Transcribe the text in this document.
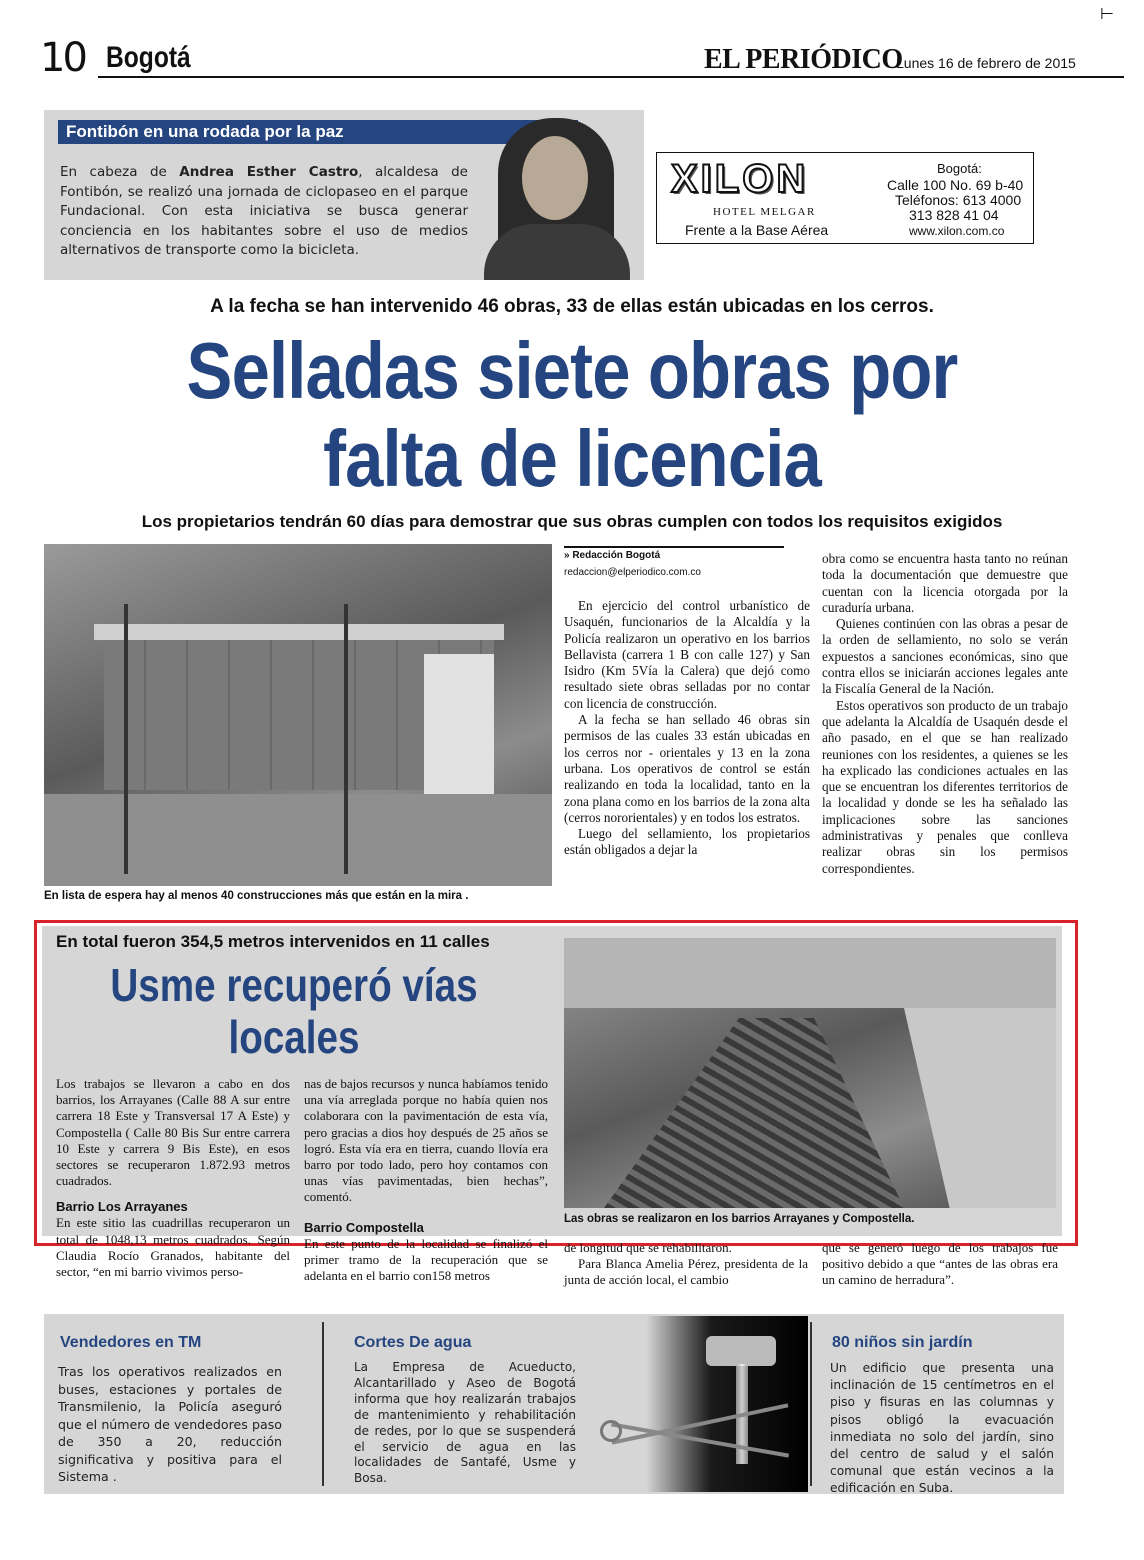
10 Bogotá	EL PERIÓDICO
Lunes 16 de febrero de 2015
⊢
Fontibón en una rodada por la paz
En cabeza de Andrea Esther Castro, alcaldesa de Fontibón, se realizó una jornada de ciclopaseo en el parque Fundacional. Con esta iniciativa se busca generar conciencia en los habitantes sobre el uso de medios alternativos de transporte como la bicicleta.
XILON
HOTEL MELGAR
Frente a la Base Aérea
Bogotá:
Calle 100 No. 69 b-40
Teléfonos: 613 4000
313 828 41 04
www.xilon.com.co
A la fecha se han intervenido 46 obras, 33 de ellas están ubicadas en los cerros.
Selladas siete obras por
falta de licencia
Los propietarios tendrán 60 días para demostrar que sus obras cumplen con todos los requisitos exigidos
En lista de espera hay al menos 40 construcciones más que están en la mira .
» Redacción Bogotá
redaccion@elperiodico.com.co

En ejercicio del control urbanístico de Usaquén, funcionarios de la Alcaldía y la Policía realizaron un operativo en los barrios Bellavista (carrera 1 B con calle 127) y San Isidro (Km 5Vía la Calera) que dejó como resultado siete obras selladas por no contar con licencia de construcción.

A la fecha se han sellado 46 obras sin permisos de las cuales 33 están ubicadas en los cerros nor - orientales y 13 en la zona urbana. Los operativos de control se están realizando en toda la localidad, tanto en la zona plana como en los barrios de la zona alta (cerros nororientales) y en todos los estratos.

Luego del sellamiento, los propietarios están obligados a dejar la

obra como se encuentra hasta tanto no reúnan toda la documentación que demuestre que cuentan con la licencia otorgada por la curaduría urbana.

Quienes continúen con las obras a pesar de la orden de sellamiento, no solo se verán expuestos a sanciones económicas, sino que contra ellos se iniciarán acciones legales ante la Fiscalía General de la Nación.

Estos operativos son producto de un trabajo que adelanta la Alcaldía de Usaquén desde el año pasado, en el que se han realizado reuniones con los residentes, a quienes se les ha explicado las condiciones actuales en las que se encuentran los diferentes territorios de la localidad y donde se les ha señalado las implicaciones sobre las sanciones administrativas y penales que conlleva realizar obras sin los permisos correspondientes.

En total fueron 354,5 metros intervenidos en 11 calles
Usme recuperó vías
locales

Los trabajos se llevaron a cabo en dos barrios, los Arrayanes (Calle 88 A sur entre carrera 18 Este y Transversal 17 A Este) y Compostella ( Calle 80 Bis Sur entre carrera 10 Este y carrera 9 Bis Este), en esos sectores se recuperaron 1.872.93 metros cuadrados.

Barrio Los Arrayanes

En este sitio las cuadrillas recuperaron un total de 1048,13 metros cuadrados. Según Claudia Rocío Granados, habitante del sector, “en mi barrio vivimos perso-

nas de bajos recursos y nunca habíamos tenido una vía arreglada porque no había quien nos colaborara con la pavimentación de esta vía, pero gracias a dios hoy después de 25 años se logró. Esta vía era en tierra, cuando llovía era barro por todo lado, pero hoy contamos con unas vías pavimentadas, bien hechas”, comentó.

Barrio Compostella

En este punto de la localidad se finalizó el primer tramo de la recuperación que se adelanta en el barrio con158 metros

Las obras se realizaron en los barrios Arrayanes y Compostella.

de longitud que se rehabilitaron.

Para Blanca Amelia Pérez, presidenta de la junta de acción local, el cambio

que se generó luego de los trabajos fue positivo debido a que “antes de las obras era un camino de herradura”.

Vendedores en TM
Tras los operativos realizados en buses, estaciones y portales de Transmilenio, la Policía aseguró que el número de vendedores paso de 350 a 20, reducción significativa y positiva para el Sistema .
Cortes De agua
La Empresa de Acueducto, Alcantarillado y Aseo de Bogotá informa que hoy realizarán trabajos de mantenimiento y rehabilitación de redes, por lo que se suspenderá el servicio de agua en las localidades de Santafé, Usme y Bosa.
80 niños sin jardín
Un edificio que presenta una inclinación de 15 centímetros en el piso y fisuras en las columnas y pisos obligó la evacuación inmediata no solo del jardín, sino del centro de salud y el salón comunal que están vecinos a la edificación en Suba.
